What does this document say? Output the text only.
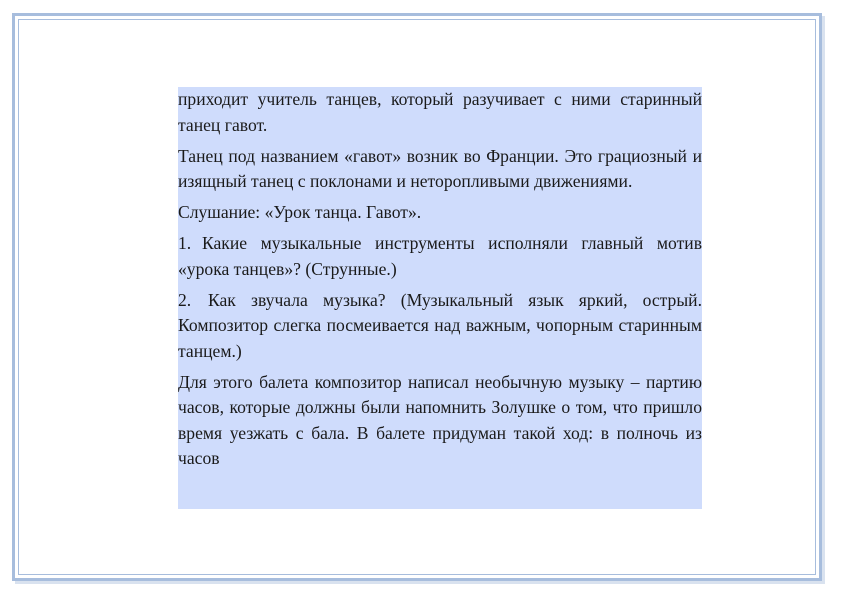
приходит учитель танцев, который разучивает с ними старинный танец гавот.

Танец под названием «гавот» возник во Франции. Это грациозный и изящный танец с поклонами и неторопливыми движениями.

Слушание: «Урок танца. Гавот».

1. Какие музыкальные инструменты исполняли главный мотив «урока танцев»? (Струнные.)

2. Как звучала музыка? (Музыкальный язык яркий, острый. Композитор слегка посмеивается над важным, чопорным старинным танцем.)

Для этого балета композитор написал необычную музыку – партию часов, которые должны были напомнить Золушке о том, что пришло время уезжать с бала. В балете придуман такой ход: в полночь из часов
